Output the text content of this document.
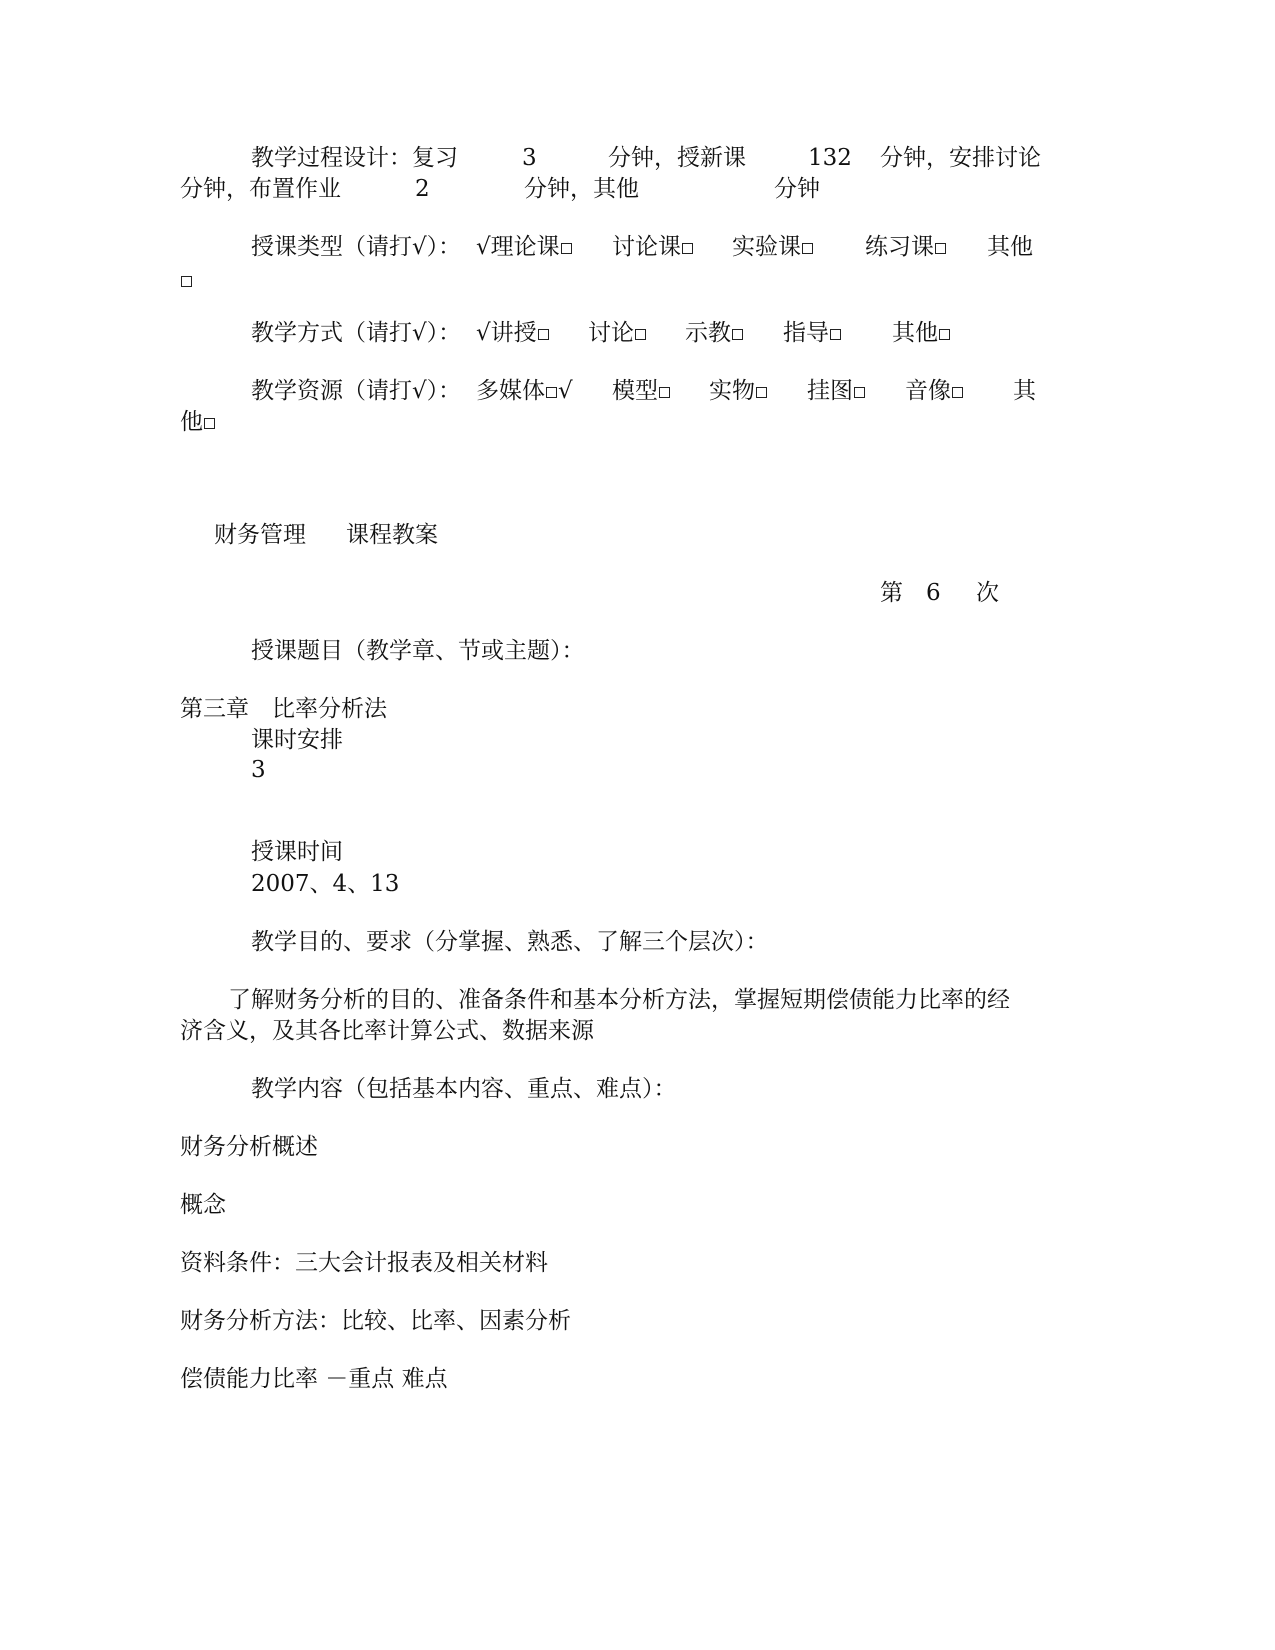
教学过程设计：复习	3	分钟，授新课	132 分钟，安排讨论
分钟，布置作业	2	分钟，其他	分钟
授课类型（请打√）： √理论课	讨论课	实验课	练习课	其他
教学方式（请打√）： √讲授	讨论	示教	指导	其他
教学资源（请打√）： 多媒体 √ 模型	实物	挂图	音像	其
他
财务管理 课程教案
第 6 次
授课题目（教学章、节或主题）：
第三章　比率分析法
课时安排
3
授课时间
2007、4、13
教学目的、要求（分掌握、熟悉、了解三个层次）：
了解财务分析的目的、准备条件和基本分析方法，掌握短期偿债能力比率的经
济含义，及其各比率计算公式、数据来源
教学内容（包括基本内容、重点、难点）：
财务分析概述
概念
资料条件：三大会计报表及相关材料
财务分析方法：比较、比率、因素分析
偿债能力比率 －重点 难点
